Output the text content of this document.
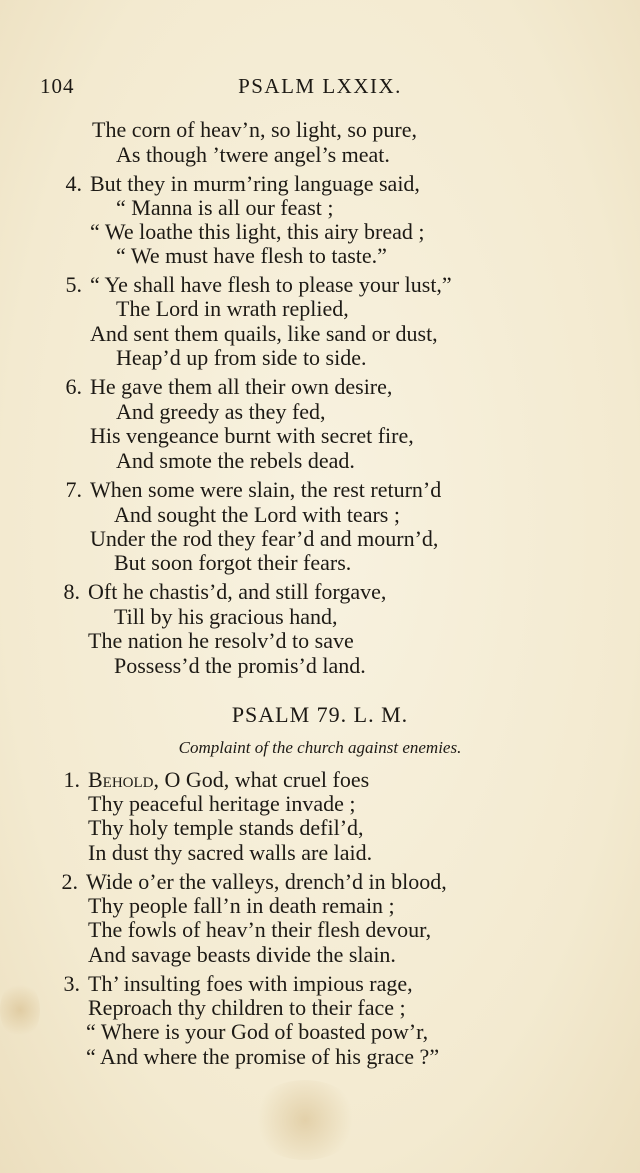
104	PSALM LXXIX.
The corn of heav’n, so light, so pure,
As though ’twere angel’s meat.
4. But they in murm’ring language said,
“ Manna is all our feast ;
“ We loathe this light, this airy bread ;
“ We must have flesh to taste.”
5. “ Ye shall have flesh to please your lust,”
The Lord in wrath replied,
And sent them quails, like sand or dust,
Heap’d up from side to side.
6. He gave them all their own desire,
And greedy as they fed,
His vengeance burnt with secret fire,
And smote the rebels dead.
7. When some were slain, the rest return’d
And sought the Lord with tears ;
Under the rod they fear’d and mourn’d,
But soon forgot their fears.
8. Oft he chastis’d, and still forgave,
Till by his gracious hand,
The nation he resolv’d to save
Possess’d the promis’d land.
PSALM 79. L. M.
Complaint of the church against enemies.
1. Behold, O God, what cruel foes
Thy peaceful heritage invade ;
Thy holy temple stands defil’d,
In dust thy sacred walls are laid.
2. Wide o’er the valleys, drench’d in blood,
Thy people fall’n in death remain ;
The fowls of heav’n their flesh devour,
And savage beasts divide the slain.
3. Th’ insulting foes with impious rage,
Reproach thy children to their face ;
“ Where is your God of boasted pow’r,
“ And where the promise of his grace ?”
